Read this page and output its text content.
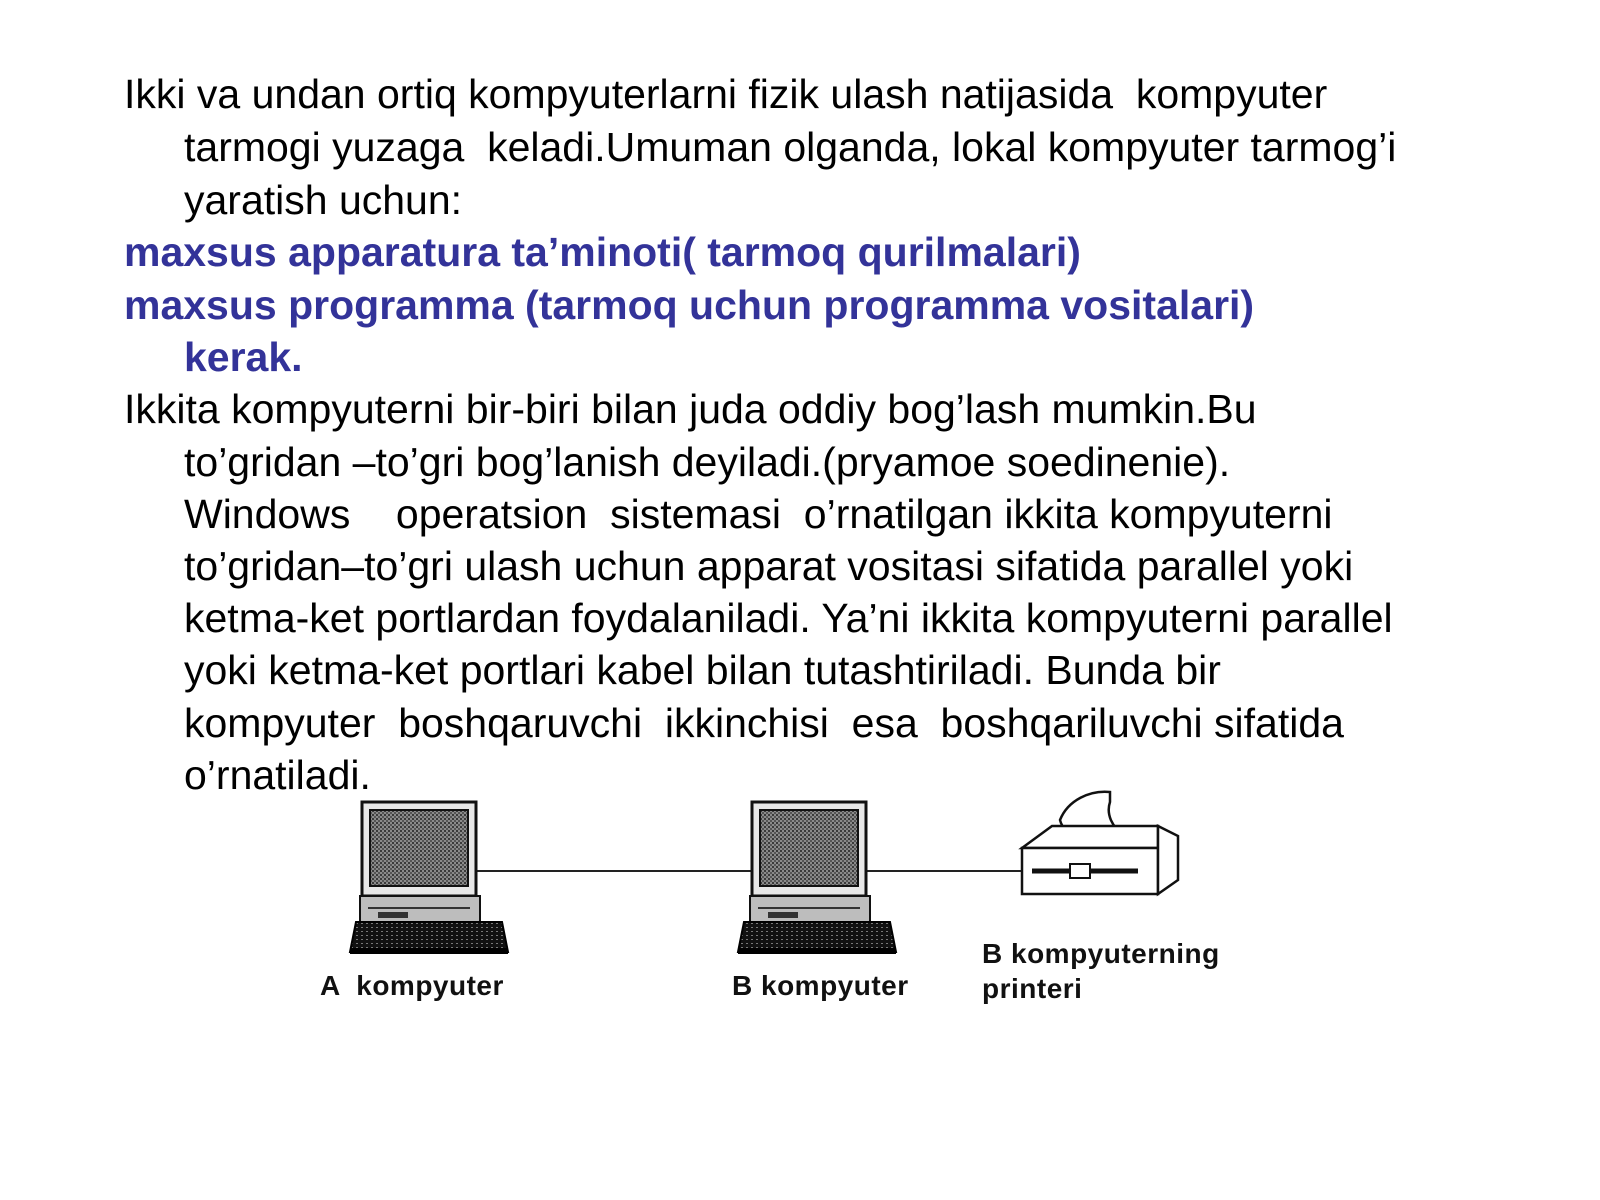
Ikki va undan ortiq kompyuterlarni fizik ulash natijasida  kompyuter
tarmogi yuzaga  keladi.Umuman olganda, lokal kompyuter tarmog’i
yaratish uchun:
maxsus apparatura ta’minoti( tarmoq qurilmalari)
maxsus programma (tarmoq uchun programma vositalari)
kerak.
Ikkita kompyuterni bir-biri bilan juda oddiy bog’lash mumkin.Bu
to’gridan –to’gri bog’lanish deyiladi.(pryamoe soedinenie).
Windows    operatsion  sistemasi  o’rnatilgan ikkita kompyuterni
to’gridan–to’gri ulash uchun apparat vositasi sifatida parallel yoki
ketma-ket portlardan foydalaniladi. Ya’ni ikkita kompyuterni parallel
yoki ketma-ket portlari kabel bilan tutashtiriladi. Bunda bir
kompyuter  boshqaruvchi  ikkinchisi  esa  boshqariluvchi sifatida
o’rnatiladi.
A  kompyuter	B kompyuter
B kompyuterning
printeri
